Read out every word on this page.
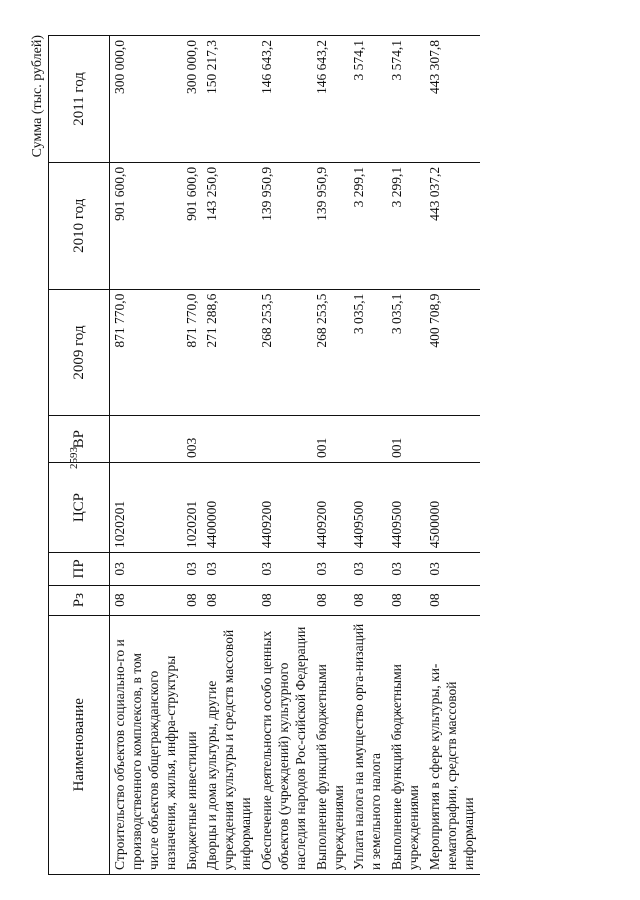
2593
Сумма (тыс. рублей)
Наименование	Рз	ПР	ЦСР	ВР	2009 год	2010 год	2011 год
Строительство объектов социально-го и производственного комплексов, в том числе объектов общегражданского назначения, жилья, инфра-структуры	08	03	1020201		871 770,0	901 600,0	300 000,0
Бюджетные инвестиции	08	03	1020201	003	871 770,0	901 600,0	300 000,0
Дворцы и дома культуры, другие учреждения культуры и средств массовой информации	08	03	4400000		271 288,6	143 250,0	150 217,3
Обеспечение деятельности особо ценных объектов (учреждений) культурного наследия народов Рос-сийской Федерации	08	03	4409200		268 253,5	139 950,9	146 643,2
Выполнение функций бюджетными учреждениями	08	03	4409200	001	268 253,5	139 950,9	146 643,2
Уплата налога на имущество орга-низаций и земельного налога	08	03	4409500		3 035,1	3 299,1	3 574,1
Выполнение функций бюджетными учреждениями	08	03	4409500	001	3 035,1	3 299,1	3 574,1
Мероприятия в сфере культуры, ки-нематографии, средств массовой информации	08	03	4500000		400 708,9	443 037,2	443 307,8
